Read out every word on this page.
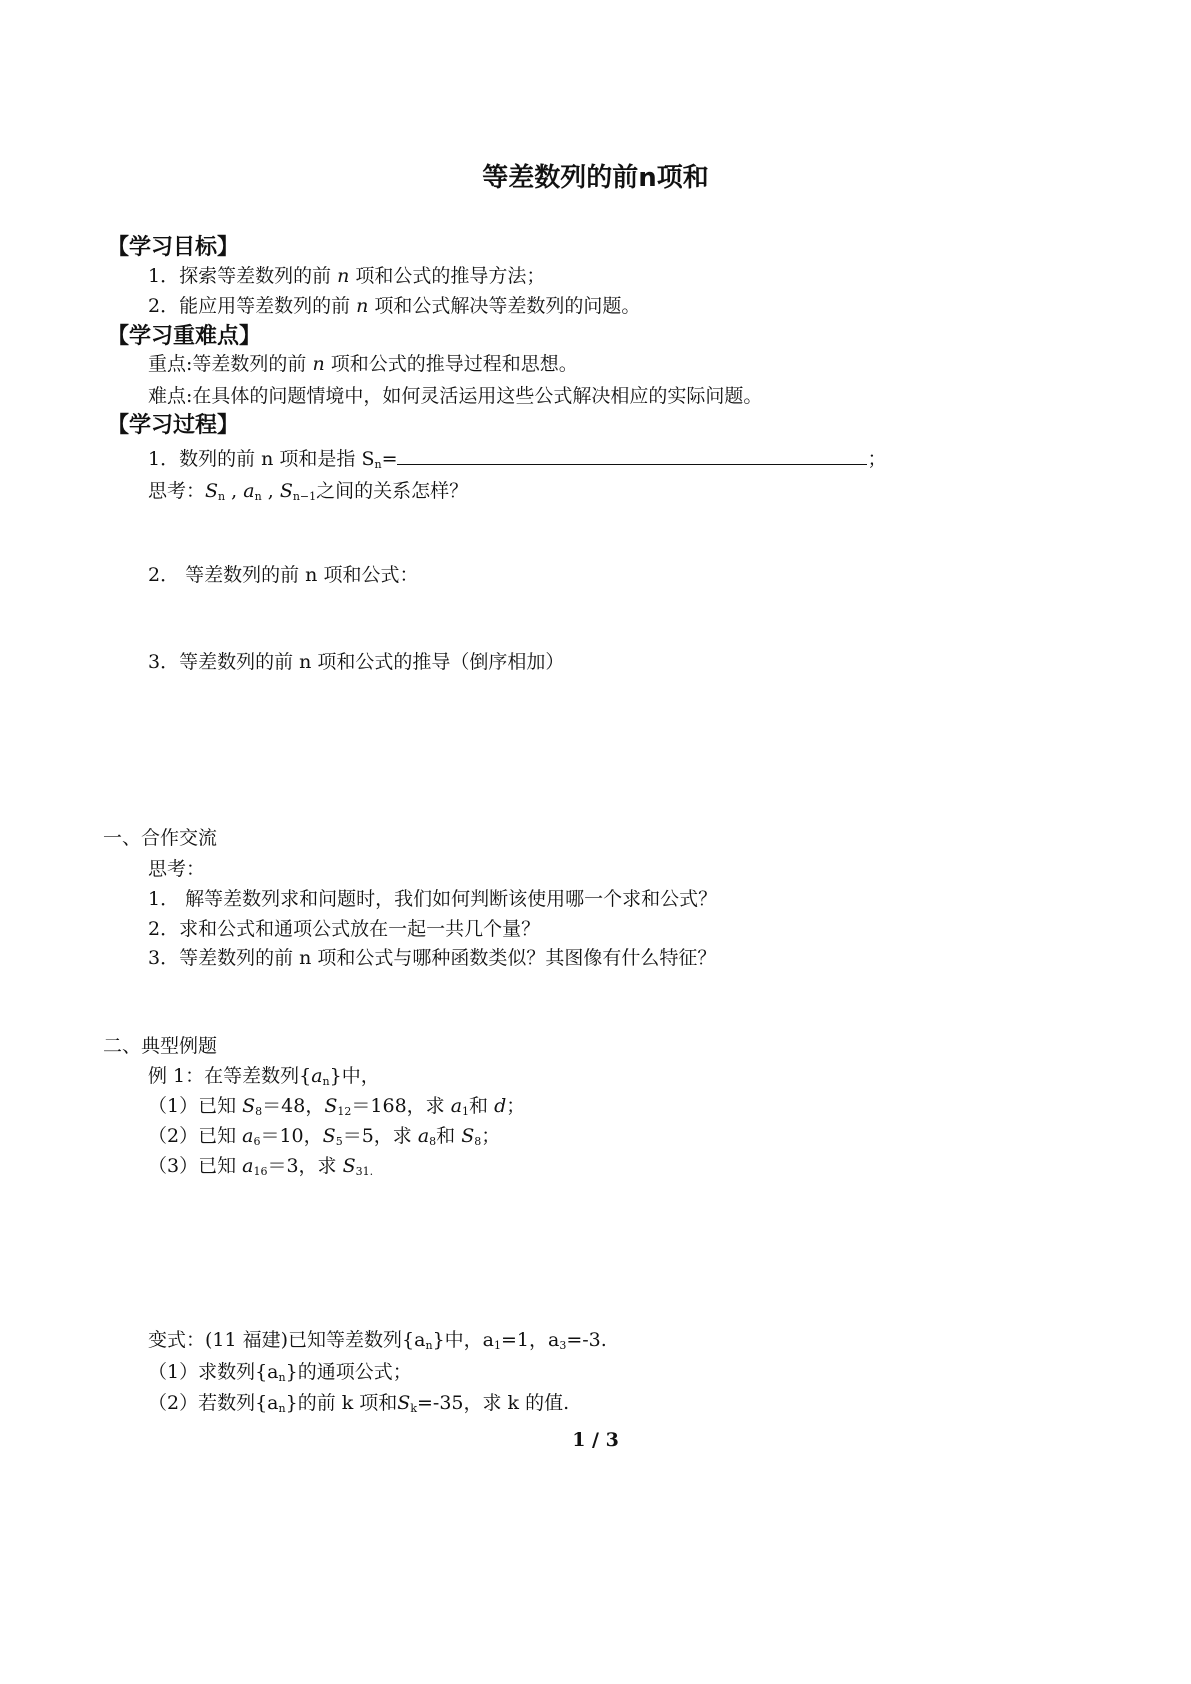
等差数列的前n项和
【学习目标】
1．探索等差数列的前 n 项和公式的推导方法；
2．能应用等差数列的前 n 项和公式解决等差数列的问题。
【学习重难点】
重点:等差数列的前 n 项和公式的推导过程和思想。
难点:在具体的问题情境中，如何灵活运用这些公式解决相应的实际问题。
【学习过程】
1．数列的前 n 项和是指 $S_n=$	；
思考：$S_n$ , $a_n$ , $S_{n-1}$之间的关系怎样？
2． 等差数列的前 n 项和公式：
3．等差数列的前 n 项和公式的推导（倒序相加）
一、合作交流
思考：
1． 解等差数列求和问题时，我们如何判断该使用哪一个求和公式？
2．求和公式和通项公式放在一起一共几个量？
3．等差数列的前 n 项和公式与哪种函数类似？其图像有什么特征？
二、典型例题
例 1：在等差数列$\{a_n\}$中，
（1）已知 $S_8=48$，$S_{12}=168$，求 $a_1$和 d；
（2）已知 $a_6=10$，$S_5=5$，求 $a_8$和 $S_8$；
（3）已知 $a_{16}=3$，求 $S_{31.}$
变式：(11 福建)已知等差数列$\{a_n\}$中，$a_1=1$，$a_3=-3$.
（1）求数列$\{a_n\}$的通项公式；
（2）若数列$\{a_n\}$的前 k 项和$S_k=-35$，求 k 的值.
1 / 3
